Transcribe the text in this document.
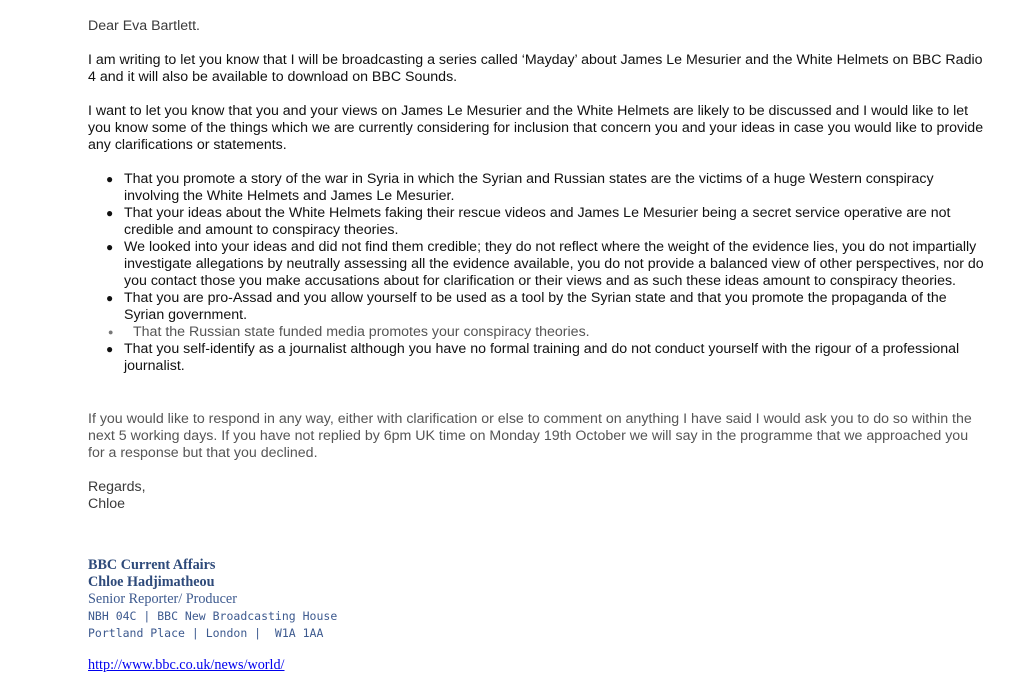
Dear Eva Bartlett.

I am writing to let you know that I will be broadcasting a series called ‘Mayday’ about James Le Mesurier and the White Helmets on BBC Radio 4 and it will also be available to download on BBC Sounds.

I want to let you know that you and your views on James Le Mesurier and the White Helmets are likely to be discussed and I would like to let you know some of the things which we are currently considering for inclusion that concern you and your ideas in case you would like to provide any clarifications or statements.

● That you promote a story of the war in Syria in which the Syrian and Russian states are the victims of a huge Western conspiracy involving the White Helmets and James Le Mesurier.
● That your ideas about the White Helmets faking their rescue videos and James Le Mesurier being a secret service operative are not credible and amount to conspiracy theories.
● We looked into your ideas and did not find them credible; they do not reflect where the weight of the evidence lies, you do not impartially investigate allegations by neutrally assessing all the evidence available, you do not provide a balanced view of other perspectives, nor do you contact those you make accusations about for clarification or their views and as such these ideas amount to conspiracy theories.
● That you are pro-Assad and you allow yourself to be used as a tool by the Syrian state and that you promote the propaganda of the Syrian government.
● That the Russian state funded media promotes your conspiracy theories.
● That you self-identify as a journalist although you have no formal training and do not conduct yourself with the rigour of a professional journalist.

If you would like to respond in any way, either with clarification or else to comment on anything I have said I would ask you to do so within the next 5 working days. If you have not replied by 6pm UK time on Monday 19th October we will say in the programme that we approached you for a response but that you declined.

Regards,

Chloe

BBC Current Affairs
Chloe Hadjimatheou
Senior Reporter/ Producer
NBH 04C | BBC New Broadcasting House
Portland Place | London |  W1A 1AA
http://www.bbc.co.uk/news/world/
